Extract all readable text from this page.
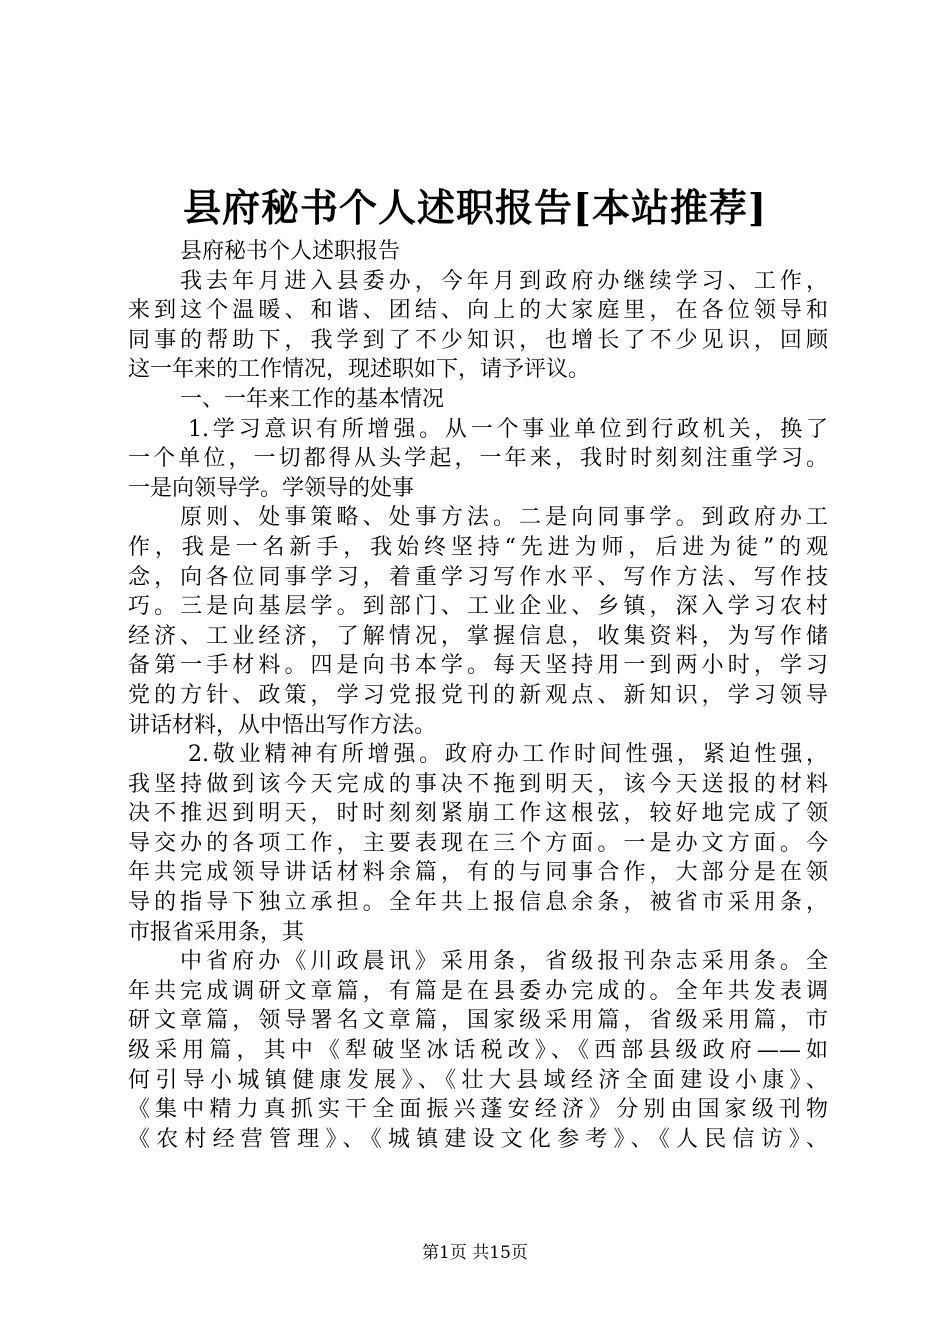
县府秘书个人述职报告[本站推荐]
县府秘书个人述职报告
我去年月进入县委办，今年月到政府办继续学习、工作，
来到这个温暖、和谐、团结、向上的大家庭里，在各位领导和
同事的帮助下，我学到了不少知识，也增长了不少见识，回顾
这一年来的工作情况，现述职如下，请予评议。
一、一年来工作的基本情况
1.学习意识有所增强。从一个事业单位到行政机关，换了
一个单位，一切都得从头学起，一年来，我时时刻刻注重学习。
一是向领导学。学领导的处事
原则、处事策略、处事方法。二是向同事学。到政府办工
作，我是一名新手，我始终坚持“先进为师，后进为徒”的观
念，向各位同事学习，着重学习写作水平、写作方法、写作技
巧。三是向基层学。到部门、工业企业、乡镇，深入学习农村
经济、工业经济，了解情况，掌握信息，收集资料，为写作储
备第一手材料。四是向书本学。每天坚持用一到两小时，学习
党的方针、政策，学习党报党刊的新观点、新知识，学习领导
讲话材料，从中悟出写作方法。
2.敬业精神有所增强。政府办工作时间性强，紧迫性强，
我坚持做到该今天完成的事决不拖到明天，该今天送报的材料
决不推迟到明天，时时刻刻紧崩工作这根弦，较好地完成了领
导交办的各项工作，主要表现在三个方面。一是办文方面。今
年共完成领导讲话材料余篇，有的与同事合作，大部分是在领
导的指导下独立承担。全年共上报信息余条，被省市采用条，
市报省采用条，其
中省府办《川政晨讯》采用条，省级报刊杂志采用条。全
年共完成调研文章篇，有篇是在县委办完成的。全年共发表调
研文章篇，领导署名文章篇，国家级采用篇，省级采用篇，市
级采用篇，其中《犁破坚冰话税改》、《西部县级政府——如
何引导小城镇健康发展》、《壮大县域经济全面建设小康》、
《集中精力真抓实干全面振兴蓬安经济》分别由国家级刊物
《农村经营管理》、《城镇建设文化参考》、《人民信访》、
第1页 共15页
